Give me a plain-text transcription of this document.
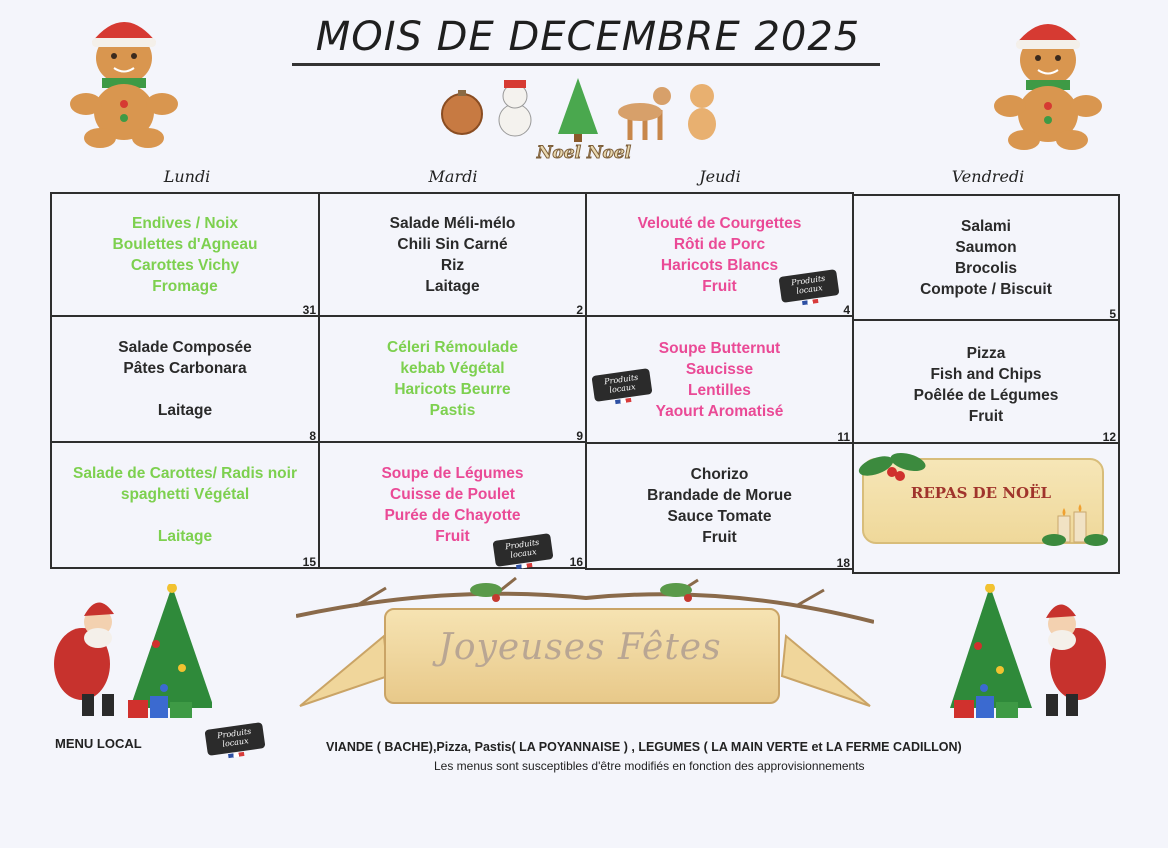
MOIS DE DECEMBRE 2025
Noel Noel
Lundi	Mardi	Jeudi	Vendredi
Endives / Noix
Boulettes d'Agneau
Carottes Vichy
Fromage
31
Salade Méli-mélo
Chili Sin Carné
Riz
Laitage
2
Velouté de Courgettes
Rôti de Porc
Haricots Blancs
Fruit
4
Salami
Saumon
Brocolis
Compote / Biscuit
5
Salade Composée
Pâtes Carbonara
Laitage
8
Céleri Rémoulade
kebab Végétal
Haricots Beurre
Pastis
9
Soupe Butternut
Saucisse
Lentilles
Yaourt Aromatisé
11
Pizza
Fish and Chips
Poêlée de Légumes
Fruit
12
Salade de Carottes/ Radis noir
spaghetti Végétal
Laitage
15
Soupe de Légumes
Cuisse de Poulet
Purée de Chayotte
Fruit
16
Chorizo
Brandade de Morue
Sauce Tomate
Fruit
18
REPAS DE NOËL
Produits locaux
Produits locaux
Produits locaux
Produits locaux
Joyeuses Fêtes
MENU LOCAL	VIANDE ( BACHE),Pizza, Pastis( LA POYANNAISE ) , LEGUMES ( LA MAIN VERTE et LA FERME CADILLON)
Les menus sont susceptibles d'être modifiés en fonction des approvisionnements
